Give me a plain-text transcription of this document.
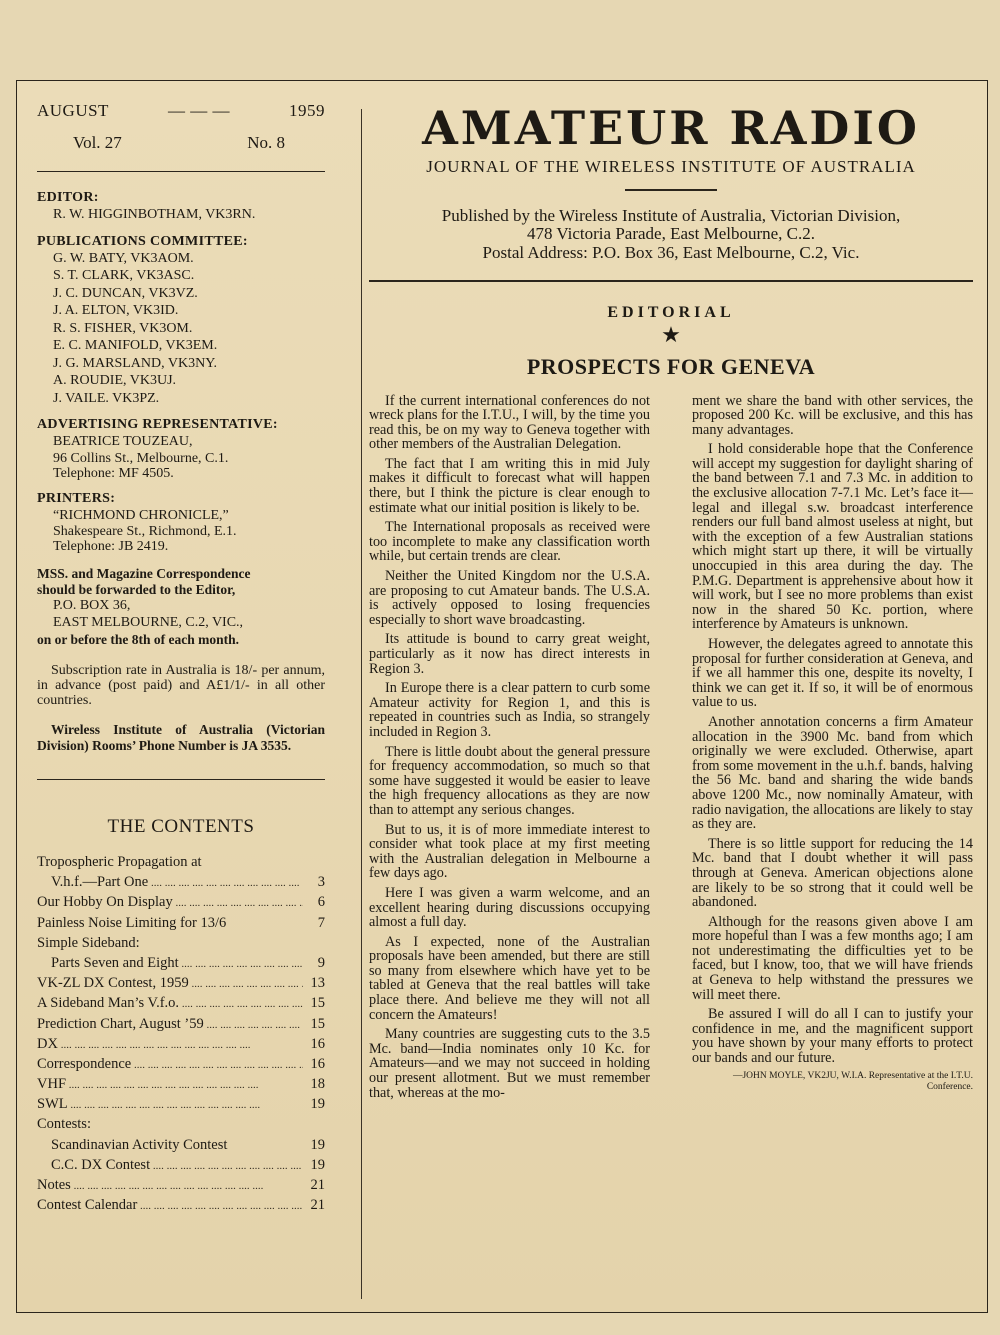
AUGUST	— — —	1959
Vol. 27	No. 8
EDITOR:
R. W. HIGGINBOTHAM, VK3RN.
PUBLICATIONS COMMITTEE:
G. W. BATY, VK3AOM.
S. T. CLARK, VK3ASC.
J. C. DUNCAN, VK3VZ.
J. A. ELTON, VK3ID.
R. S. FISHER, VK3OM.
E. C. MANIFOLD, VK3EM.
J. G. MARSLAND, VK3NY.
A. ROUDIE, VK3UJ.
J. VAILE. VK3PZ.
ADVERTISING REPRESENTATIVE:
BEATRICE TOUZEAU,
96 Collins St., Melbourne, C.1.
Telephone: MF 4505.
PRINTERS:
“RICHMOND CHRONICLE,”
Shakespeare St., Richmond, E.1.
Telephone: JB 2419.
MSS. and Magazine Correspondence
should be forwarded to the Editor,
P.O. BOX 36,
EAST MELBOURNE, C.2, VIC.,
on or before the 8th of each month.
Subscription rate in Australia is 18/- per annum, in advance (post paid) and A£1/1/- in all other countries.
Wireless Institute of Australia (Victorian Division) Rooms’ Phone Number is JA 3535.
THE CONTENTS
Tropospheric Propagation at
V.h.f.—Part One ....	3
Our Hobby On Display ....	6
Painless Noise Limiting for 13/6	7
Simple Sideband:
Parts Seven and Eight ....	9
VK-ZL DX Contest, 1959 ....	13
A Sideband Man’s V.f.o. ....	15
Prediction Chart, August ’59 ....	15
DX ....	16
Correspondence ....	16
VHF ....	18
SWL ....	19
Contests:
Scandinavian Activity Contest	19
C.C. DX Contest ....	19
Notes ....	21
Contest Calendar ....	21
AMATEUR RADIO
JOURNAL OF THE WIRELESS INSTITUTE OF AUSTRALIA
Published by the Wireless Institute of Australia, Victorian Division,
478 Victoria Parade, East Melbourne, C.2.
Postal Address: P.O. Box 36, East Melbourne, C.2, Vic.
EDITORIAL
★
PROSPECTS FOR GENEVA

If the current international conferences do not wreck plans for the I.T.U., I will, by the time you read this, be on my way to Geneva together with other members of the Australian Delegation.

The fact that I am writing this in mid July makes it difficult to forecast what will happen there, but I think the picture is clear enough to estimate what our initial position is likely to be.

The International proposals as received were too incomplete to make any classification worth while, but certain trends are clear.

Neither the United Kingdom nor the U.S.A. are proposing to cut Amateur bands. The U.S.A. is actively opposed to losing frequencies especially to short wave broadcasting.

Its attitude is bound to carry great weight, particularly as it now has direct interests in Region 3.

In Europe there is a clear pattern to curb some Amateur activity for Region 1, and this is repeated in countries such as India, so strangely included in Region 3.

There is little doubt about the general pressure for frequency accommodation, so much so that some have suggested it would be easier to leave the high frequency allocations as they are now than to attempt any serious changes.

But to us, it is of more immediate interest to consider what took place at my first meeting with the Australian delegation in Melbourne a few days ago.

Here I was given a warm welcome, and an excellent hearing during discussions occupying almost a full day.

As I expected, none of the Australian proposals have been amended, but there are still so many from elsewhere which have yet to be tabled at Geneva that the real battles will take place there. And believe me they will not all concern the Amateurs!

Many countries are suggesting cuts to the 3.5 Mc. band—India nominates only 10 Kc. for Amateurs—and we may not succeed in holding our present allotment. But we must remember that, whereas at the mo-

ment we share the band with other services, the proposed 200 Kc. will be exclusive, and this has many advantages.

I hold considerable hope that the Conference will accept my suggestion for daylight sharing of the band between 7.1 and 7.3 Mc. in addition to the exclusive allocation 7-7.1 Mc. Let’s face it—legal and illegal s.w. broadcast interference renders our full band almost useless at night, but with the exception of a few Australian stations which might start up there, it will be virtually unoccupied in this area during the day. The P.M.G. Department is apprehensive about how it will work, but I see no more problems than exist now in the shared 50 Kc. portion, where interference by Amateurs is unknown.

However, the delegates agreed to annotate this proposal for further consideration at Geneva, and if we all hammer this one, despite its novelty, I think we can get it. If so, it will be of enormous value to us.

Another annotation concerns a firm Amateur allocation in the 3900 Mc. band from which originally we were excluded. Otherwise, apart from some movement in the u.h.f. bands, halving the 56 Mc. band and sharing the wide bands above 1200 Mc., now nominally Amateur, with radio navigation, the allocations are likely to stay as they are.

There is so little support for reducing the 14 Mc. band that I doubt whether it will pass through at Geneva. American objections alone are likely to be so strong that it could well be abandoned.

Although for the reasons given above I am more hopeful than I was a few months ago; I am not underestimating the difficulties yet to be faced, but I know, too, that we will have friends at Geneva to help withstand the pressures we will meet there.

Be assured I will do all I can to justify your confidence in me, and the magnificent support you have shown by your many efforts to protect our bands and our future.

—JOHN MOYLE, VK2JU, W.I.A. Representative at the I.T.U. Conference.
